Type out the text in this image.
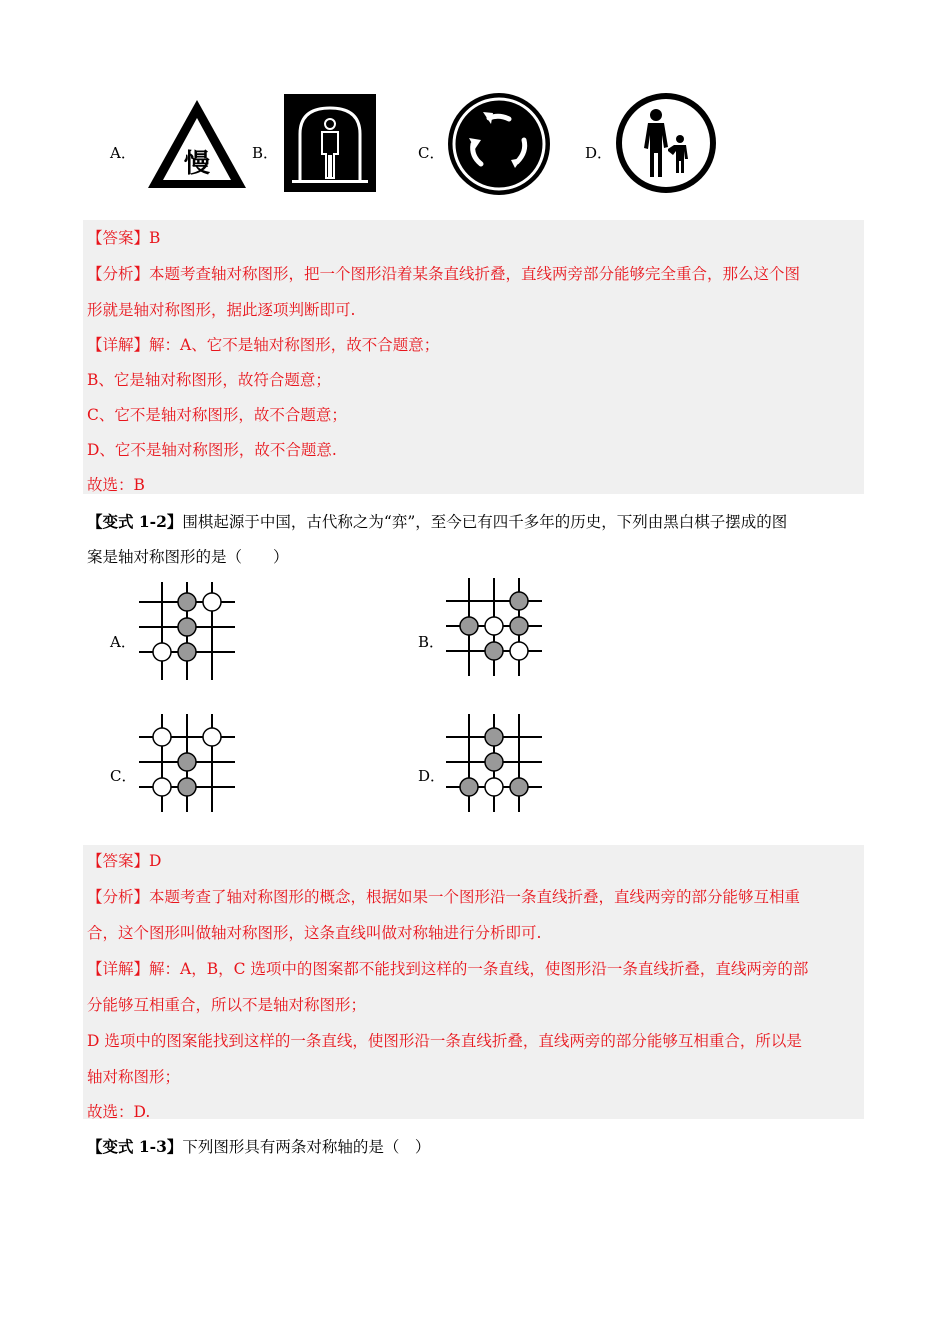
A． 慢	B．	C．	D．
【答案】B
【分析】本题考查轴对称图形，把一个图形沿着某条直线折叠，直线两旁部分能够完全重合，那么这个图
形就是轴对称图形，据此逐项判断即可.
【详解】解：A、它不是轴对称图形，故不合题意；
B、它是轴对称图形，故符合题意；
C、它不是轴对称图形，故不合题意；
D、它不是轴对称图形，故不合题意.
故选：B
【变式 1-2】围棋起源于中国，古代称之为“弈”，至今已有四千多年的历史，下列由黑白棋子摆成的图
案是轴对称图形的是（　　）
A．	B．
C．	D．
【答案】D
【分析】本题考查了轴对称图形的概念，根据如果一个图形沿一条直线折叠，直线两旁的部分能够互相重
合，这个图形叫做轴对称图形，这条直线叫做对称轴进行分析即可.
【详解】解：A，B，C 选项中的图案都不能找到这样的一条直线，使图形沿一条直线折叠，直线两旁的部
分能够互相重合，所以不是轴对称图形；
D 选项中的图案能找到这样的一条直线，使图形沿一条直线折叠，直线两旁的部分能够互相重合，所以是
轴对称图形；
故选：D.
【变式 1-3】下列图形具有两条对称轴的是（　）
